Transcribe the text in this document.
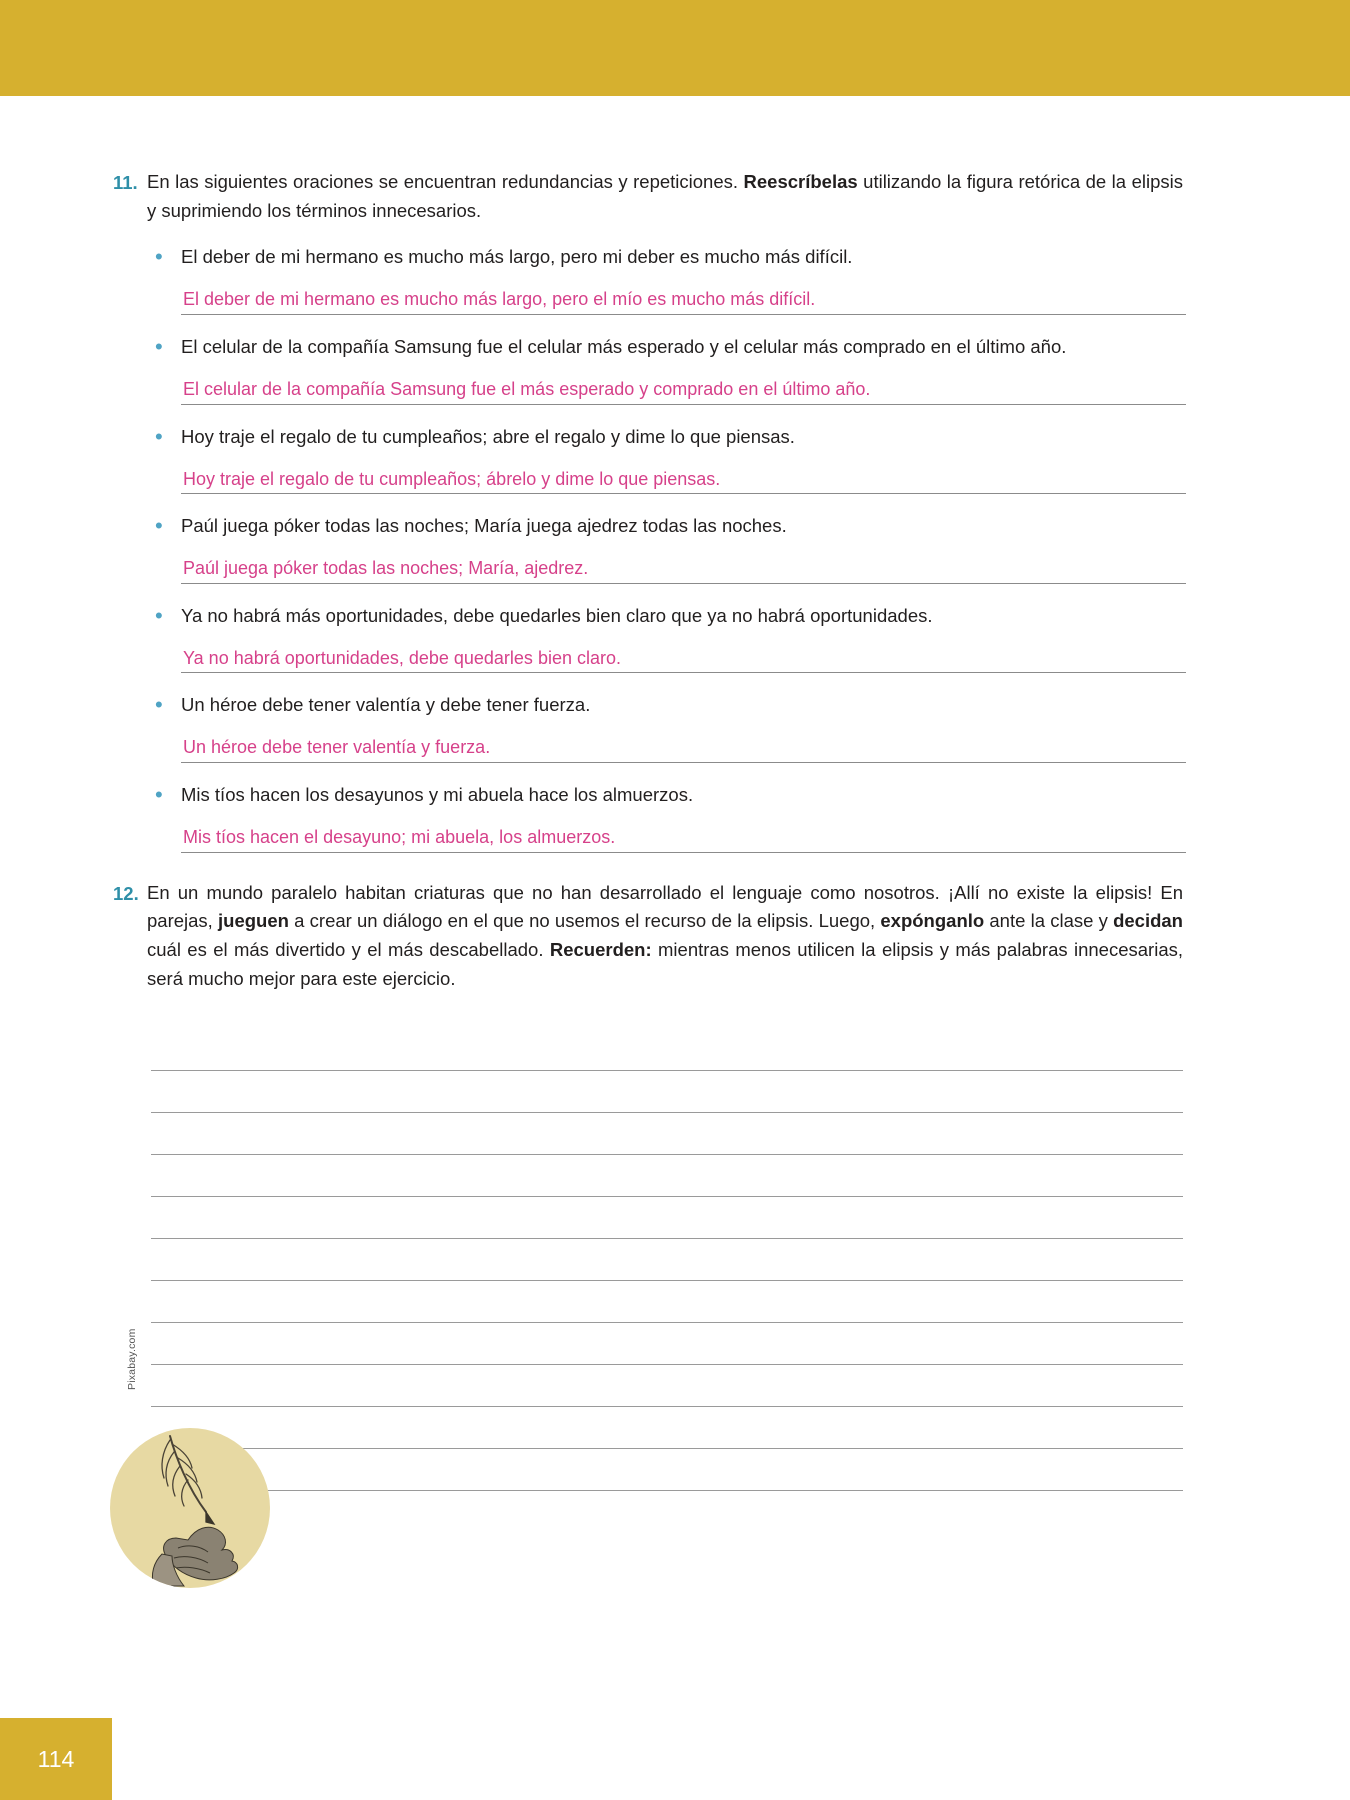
11. En las siguientes oraciones se encuentran redundancias y repeticiones. Reescríbelas utilizando la figura retórica de la elipsis y suprimiendo los términos innecesarios.
• El deber de mi hermano es mucho más largo, pero mi deber es mucho más difícil.
El deber de mi hermano es mucho más largo, pero el mío es mucho más difícil.
• El celular de la compañía Samsung fue el celular más esperado y el celular más comprado en el último año.
El celular de la compañía Samsung fue el más esperado y comprado en el último año.
• Hoy traje el regalo de tu cumpleaños; abre el regalo y dime lo que piensas.
Hoy traje el regalo de tu cumpleaños; ábrelo y dime lo que piensas.
• Paúl juega póker todas las noches; María juega ajedrez todas las noches.
Paúl juega póker todas las noches; María, ajedrez.
• Ya no habrá más oportunidades, debe quedarles bien claro que ya no habrá oportunidades.
Ya no habrá oportunidades, debe quedarles bien claro.
• Un héroe debe tener valentía y debe tener fuerza.
Un héroe debe tener valentía y fuerza.
• Mis tíos hacen los desayunos y mi abuela hace los almuerzos.
Mis tíos hacen el desayuno; mi abuela, los almuerzos.
12. En un mundo paralelo habitan criaturas que no han desarrollado el lenguaje como nosotros. ¡Allí no existe la elipsis! En parejas, jueguen a crear un diálogo en el que no usemos el recurso de la elipsis. Luego, expónganlo ante la clase y decidan cuál es el más divertido y el más descabellado. Recuerden: mientras menos utilicen la elipsis y más palabras innecesarias, será mucho mejor para este ejercicio.
Pixabay.com
114
